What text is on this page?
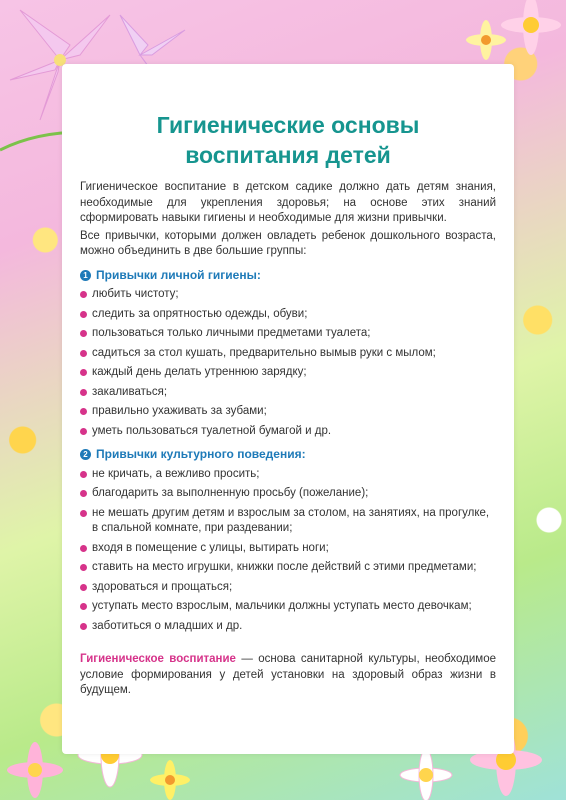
Гигиенические основы
воспитания детей

Гигиеническое воспитание в детском садике должно дать детям знания, необходимые для укрепления здоровья; на основе этих знаний сформировать навыки гигиены и необходимые для жизни привычки.

Все привычки, которыми должен овладеть ребенок дошкольного возраста, можно объединить в две большие группы:

1 Привычки личной гигиены:
любить чистоту;
следить за опрятностью одежды, обуви;
пользоваться только личными предметами туалета;
садиться за стол кушать, предварительно вымыв руки с мылом;
каждый день делать утреннюю зарядку;
закаливаться;
правильно ухаживать за зубами;
уметь пользоваться туалетной бумагой и др.
2 Привычки культурного поведения:
не кричать, а вежливо просить;
благодарить за выполненную просьбу (пожелание);
не мешать другим детям и взрослым за столом, на занятиях, на прогулке, в спальной комнате, при раздевании;
входя в помещение с улицы, вытирать ноги;
ставить на место игрушки, книжки после действий с этими предметами;
здороваться и прощаться;
уступать место взрослым, мальчики должны уступать место девочкам;
заботиться о младших и др.

Гигиеническое воспитание — основа санитарной культуры, необходимое условие формирования у детей установки на здоровый образ жизни в будущем.
